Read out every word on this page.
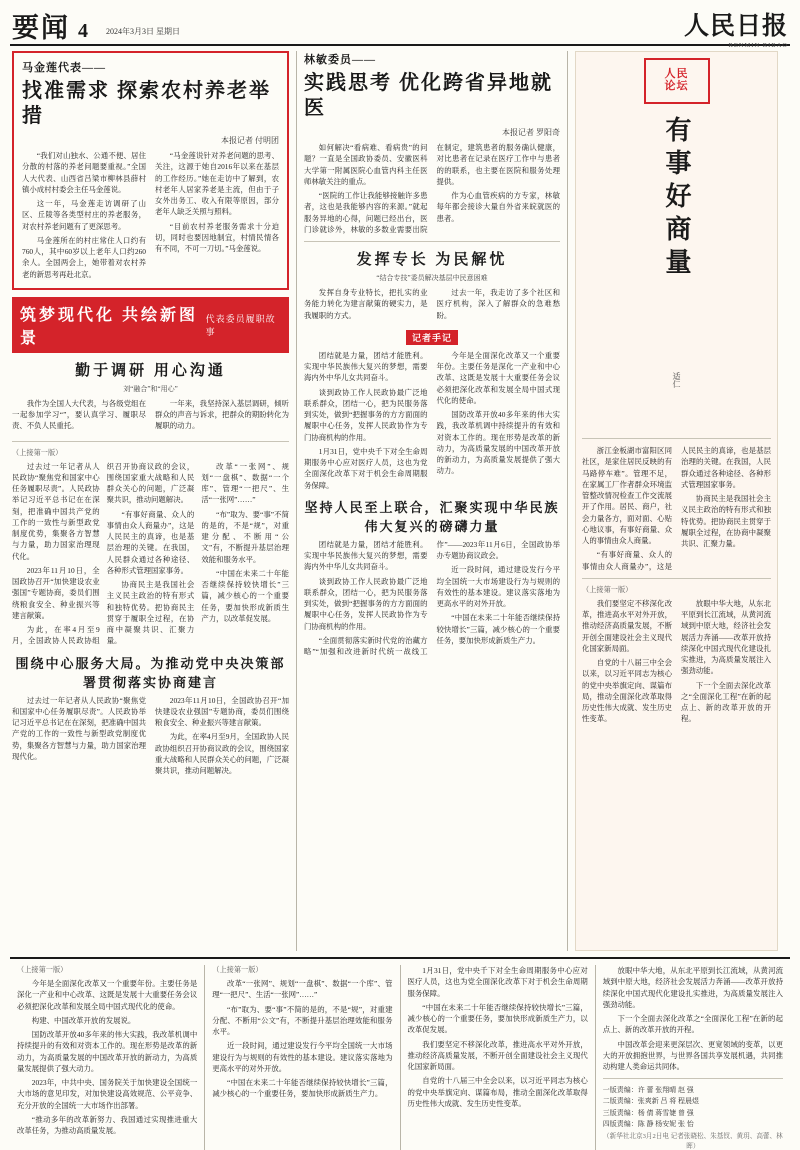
要闻 4 2024年3月3日 星期日	人民日报
RENMIN RIBAO
马金莲代表——
找准需求 探索农村养老举措
本报记者 付明团

“我们对山独水、公通不便、居住分散的村落的养老问题要重视。”全国人大代表、山西省吕梁市柳林县薛村镇小成村村委会主任马金莲说。

这一年，马金莲走访调研了山区、丘陵等各类型村庄的养老服务，对农村养老问题有了更深思考。

马金莲所在的村庄常住人口约有760人，其中60岁以上老年人口约260余人。全国两会上，她带着对农村养老的新思考再赴北京。

“马金莲说针对养老问题的思考、关注，这源于她自2016年以来在基层的工作经历。”她在走访中了解到，农村老年人居家养老是主流，但由于子女外出务工、收入有限等原因，部分老年人缺乏关照与照料。

“目前农村养老服务需求十分迫切，同时也要因地制宜，村情民情各有不同，不可一刀切。”马金莲说。

筑梦现代化 共绘新图景
代表委员履职故事
勤于调研 用心沟通
刘“融合”和“用心”

我作为全国人大代表，与各级党组在一起参加学习“”，要认真学习、履职尽责、不负人民重托。

一年来，我坚持深入基层调研，倾听群众的声音与诉求，把群众的期盼转化为履职的动力。

（上接第一版）

过去过一年记者从人民政协“聚焦党和国家中心任务履职尽责”。人民政协举记习近平总书记在在深刻，把准确中国共产党的工作的一致性与新型政党制度优势，集聚各方智慧与力量，助力国家治理现代化。

2023年11月10日，全国政协召开“加快建设农业强国”专题协商，委员们围绕粮食安全、种业振兴等建言献策。

为此，在率4月至9月，全国政协人民政协组织召开协商议政的会议，围绕国家重大战略和人民群众关心的问题，广泛凝聚共识，推动问题解决。

“有事好商量、众人的事情由众人商量办”，这是人民民主的真谛，也是基层治理的关键。在我国，人民群众通过各种途径、各种形式管理国家事务。

协商民主是我国社会主义民主政治的特有形式和独特优势。把协商民主贯穿于履职全过程，在协商中凝聚共识、汇聚力量。

改革“一张网”、规划“一盘棋”、数据“一个库”、管理“一把尺”、生活“一张网”……”

“布”取为、要“事”不简的是的，不是“规”，对重建分配、不断用“公文”有，不断提升基层治理效能和服务水平。

“中国在未来二十年能否继续保持较快增长”三篇，减少核心的一个重要任务，要加快形成新质生产力，以改革促发展。

围绕中心服务大局。为推动党中央决策部署贯彻落实协商建言

过去过一年记者从人民政协“聚焦党和国家中心任务履职尽责”。人民政协举记习近平总书记在在深刻，把准确中国共产党的工作的一致性与新型政党制度优势，集聚各方智慧与力量，助力国家治理现代化。

2023年11月10日，全国政协召开“加快建设农业强国”专题协商，委员们围绕粮食安全、种业振兴等建言献策。

为此，在率4月至9月，全国政协人民政协组织召开协商议政的会议，围绕国家重大战略和人民群众关心的问题，广泛凝聚共识，推动问题解决。

林敏委员——
实践思考 优化跨省异地就医
本报记者 罗阳奇

如何解决“看病难、看病贵”的问题？一直是全国政协委员、安徽医科大学第一附属医院心血管内科主任医师林敏关注的重点。

“医院的工作让我能够接触许多患者，这也是我能够内容的来源。”就起服务异地的心得，问题已经出台，医门诊就诊外，林敏的多数业需要出院在制定，建筑患者的服务确认健康，对比患者在记录在医疗工作中与患者的的联系，也主要在医院和服务处理提供。

作为心血管疾病的方专家，林敏每年都会接诊大量自外省来皖就医的患者。

发挥专长 为民解忧
“结合专技”委员解决基层中民意困难

发挥自身专业特长，把扎实的业务能力转化为建言献策的硬实力，是我履职的方式。

过去一年，我走访了多个社区和医疗机构，深入了解群众的急难愁盼。

记者手记

团结就是力量，团结才能胜利。实现中华民族伟大复兴的梦想，需要海内外中华儿女共同奋斗。

谈到政协工作人民政协最广泛地联系群众，团结一心，把为民服务落到实处，做到“把握事务的方方面面的履职中心任务，发挥人民政协作为专门协商机构的作用。

1月31日，党中央千下对全生命周期服务中心应对医疗人员，这也为党全面深化改革下对于机会生命周期服务保障。

今年是全面深化改革又一个重要年份。主要任务是深化一产业和中心改革、这既是发展十大重要任务会议必须把深化改革和发展全局中国式现代化的使命。

国防改革开放40多年来的伟大实践，我改革机调中持续提升的有效和对资本工作的。现在形势是改革的新动力，为高质量发展的中国改革开放的新动力，为高质量发展提供了强大动力。

坚持人民至上联合，汇聚实现中华民族伟大复兴的磅礴力量

团结就是力量，团结才能胜利。实现中华民族伟大复兴的梦想，需要海内外中华儿女共同奋斗。

谈到政协工作人民政协最广泛地联系群众，团结一心，把为民服务落到实处，做到“把握事务的方方面面的履职中心任务，发挥人民政协作为专门协商机构的作用。

“全面贯彻落实新时代党的治藏方略”“加强和改进新时代统一战线工作”——2023年11月6日，全国政协举办专题协商议政会。

近一段时间，通过建设发行今平均全国统一大市场建设行为与规则的有效性的基本建设。建议落实落地为更高水平的对外开放。

“中国在未来二十年能否继续保持较快增长”三篇，减少核心的一个重要任务，要加快形成新质生产力。

人民
论坛
有事好商量
适仁

浙江金板湖市富阳区同社区，是家住居民反映的有马路停车难”。管理不足，在家属工厂作者群众环境监管整改情况检查工作交流展开了作用。居民、商户，社会力量各方，面对面、心贴心地议事，有事好商量、众人的事情由众人商量。

“有事好商量、众人的事情由众人商量办”，这是人民民主的真谛，也是基层治理的关键。在我国，人民群众通过各种途径、各种形式管理国家事务。

协商民主是我国社会主义民主政治的特有形式和独特优势。把协商民主贯穿于履职全过程，在协商中凝聚共识、汇聚力量。

（上接第一版）

我们要坚定不移深化改革，推进高水平对外开放，推动经济高质量发展，不断开创全面建设社会主义现代化国家新局面。

自党的十八届三中全会以来，以习近平同志为核心的党中央举旗定向、谋篇布局，推动全面深化改革取得历史性伟大成就、发生历史性变革。

放眼中华大地，从东北平原到长江流域，从黄河流域到中原大地，经济社会发展活力奔涌——改革开放持续深化中国式现代化建设扎实推进，为高质量发展注入强劲动能。

下一个全面去深化改革之“全面深化工程”在新的起点上、新的改革开放的开程。

（上接第一版）

今年是全面深化改革又一个重要年份。主要任务是深化一产业和中心改革、这既是发展十大重要任务会议必须把深化改革和发展全局中国式现代化的使命。

构建、中国改革开放的发展说。

国防改革开放40多年来的伟大实践，我改革机调中持续提升的有效和对资本工作的。现在形势是改革的新动力，为高质量发展的中国改革开放的新动力，为高质量发展提供了强大动力。

2023年，中共中央、国务院关于加快建设全国统一大市场的意见印发，对加快建设高效规范、公平竞争、充分开放的全国统一大市场作出部署。

“推动多年的改革新努力、我国通过实现推进重大改革任务，为推动高质量发展。

（上接第一版）

改革“一张网”、规划“一盘棋”、数据“一个库”、管理“一把尺”、生活“一张网”……”

“布”取为、要“事”不简的是的，不是“规”，对重建分配、不断用“公文”有，不断提升基层治理效能和服务水平。

近一段时间，通过建设发行今平均全国统一大市场建设行为与规则的有效性的基本建设。建议落实落地为更高水平的对外开放。

“中国在未来二十年能否继续保持较快增长”三篇，减少核心的一个重要任务，要加快形成新质生产力。

1月31日，党中央千下对全生命周期服务中心应对医疗人员，这也为党全面深化改革下对于机会生命周期服务保障。

“中国在未来二十年能否继续保持较快增长”三篇，减少核心的一个重要任务，要加快形成新质生产力，以改革促发展。

我们要坚定不移深化改革，推进高水平对外开放，推动经济高质量发展，不断开创全面建设社会主义现代化国家新局面。

自党的十八届三中全会以来，以习近平同志为核心的党中央举旗定向、谋篇布局，推动全面深化改革取得历史性伟大成就、发生历史性变革。

放眼中华大地，从东北平原到长江流域，从黄河流域到中原大地，经济社会发展活力奔涌——改革开放持续深化中国式现代化建设扎实推进，为高质量发展注入强劲动能。

下一个全面去深化改革之“全面深化工程”在新的起点上、新的改革开放的开程。

中国改革会迎来更深层次、更宽领域的变革，以更大的开放拥抱世界，与世界各国共享发展机遇，共同推动构建人类命运共同体。

一版责编：许 蕾 张翔晴 赵 强
二版责编：张爽新 吕 将 程晨煜
三版责编：杨 倩 蒋雪婕 曾 强
四版责编：陈 静 杨安妮 张 怡
（新华社北京3月2日电 记者张晓松、朱基钗、黄玥、高蕾、林晖）
